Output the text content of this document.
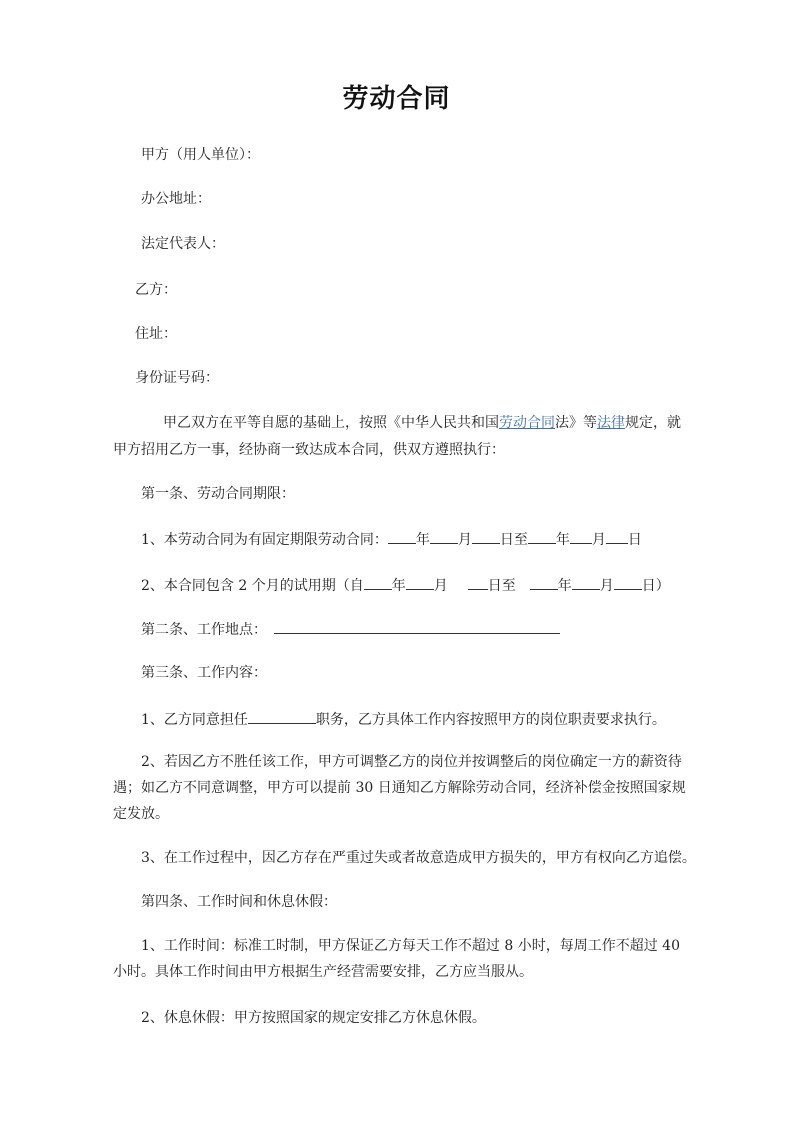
劳动合同
甲方（用人单位）：
办公地址：
法定代表人：
乙方：
住址：
身份证号码：
甲乙双方在平等自愿的基础上，按照《中华人民共和国劳动合同法》等法律规定，就
甲方招用乙方一事，经协商一致达成本合同，供双方遵照执行：
第一条、劳动合同期限：
1、本劳动合同为有固定期限劳动合同： 年 月 日至 年 月 日
2、本合同包含 2 个月的试用期（自 年 月	日至	年 月 日）
第二条、工作地点：
第三条、工作内容：
1、乙方同意担任	职务，乙方具体工作内容按照甲方的岗位职责要求执行。
2、若因乙方不胜任该工作，甲方可调整乙方的岗位并按调整后的岗位确定一方的薪资待
遇；如乙方不同意调整，甲方可以提前 30 日通知乙方解除劳动合同，经济补偿金按照国家规
定发放。
3、在工作过程中，因乙方存在严重过失或者故意造成甲方损失的，甲方有权向乙方追偿。
第四条、工作时间和休息休假：
1、工作时间：标准工时制，甲方保证乙方每天工作不超过 8 小时，每周工作不超过 40
小时。具体工作时间由甲方根据生产经营需要安排，乙方应当服从。
2、休息休假：甲方按照国家的规定安排乙方休息休假。
